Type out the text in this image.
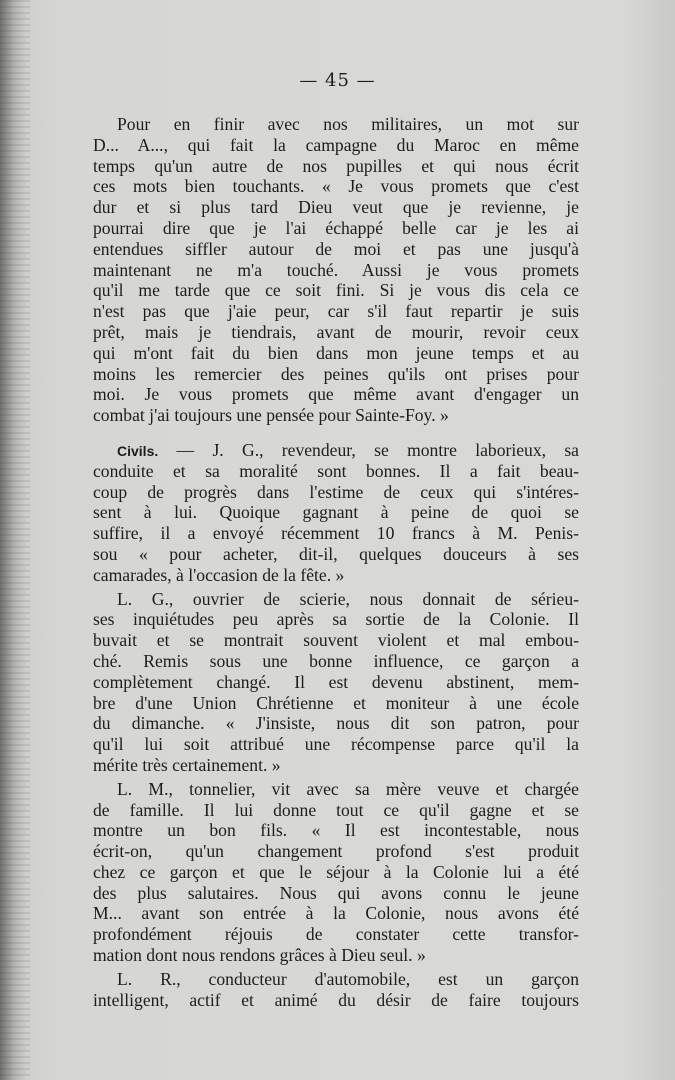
— 45 —
Pour en finir avec nos militaires, un mot sur
D... A..., qui fait la campagne du Maroc en même
temps qu'un autre de nos pupilles et qui nous écrit
ces mots bien touchants. « Je vous promets que c'est
dur et si plus tard Dieu veut que je revienne, je
pourrai dire que je l'ai échappé belle car je les ai
entendues siffler autour de moi et pas une jusqu'à
maintenant ne m'a touché. Aussi je vous promets
qu'il me tarde que ce soit fini. Si je vous dis cela ce
n'est pas que j'aie peur, car s'il faut repartir je suis
prêt, mais je tiendrais, avant de mourir, revoir ceux
qui m'ont fait du bien dans mon jeune temps et au
moins les remercier des peines qu'ils ont prises pour
moi. Je vous promets que même avant d'engager un
combat j'ai toujours une pensée pour Sainte-Foy. »
Civils. — J. G., revendeur, se montre laborieux, sa
conduite et sa moralité sont bonnes. Il a fait beau-
coup de progrès dans l'estime de ceux qui s'intéres-
sent à lui. Quoique gagnant à peine de quoi se
suffire, il a envoyé récemment 10 francs à M. Penis-
sou « pour acheter, dit-il, quelques douceurs à ses
camarades, à l'occasion de la fête. »
L. G., ouvrier de scierie, nous donnait de sérieu-
ses inquiétudes peu après sa sortie de la Colonie. Il
buvait et se montrait souvent violent et mal embou-
ché. Remis sous une bonne influence, ce garçon a
complètement changé. Il est devenu abstinent, mem-
bre d'une Union Chrétienne et moniteur à une école
du dimanche. « J'insiste, nous dit son patron, pour
qu'il lui soit attribué une récompense parce qu'il la
mérite très certainement. »
L. M., tonnelier, vit avec sa mère veuve et chargée
de famille. Il lui donne tout ce qu'il gagne et se
montre un bon fils. « Il est incontestable, nous
écrit-on, qu'un changement profond s'est produit
chez ce garçon et que le séjour à la Colonie lui a été
des plus salutaires. Nous qui avons connu le jeune
M... avant son entrée à la Colonie, nous avons été
profondément réjouis de constater cette transfor-
mation dont nous rendons grâces à Dieu seul. »
L. R., conducteur d'automobile, est un garçon
intelligent, actif et animé du désir de faire toujours
